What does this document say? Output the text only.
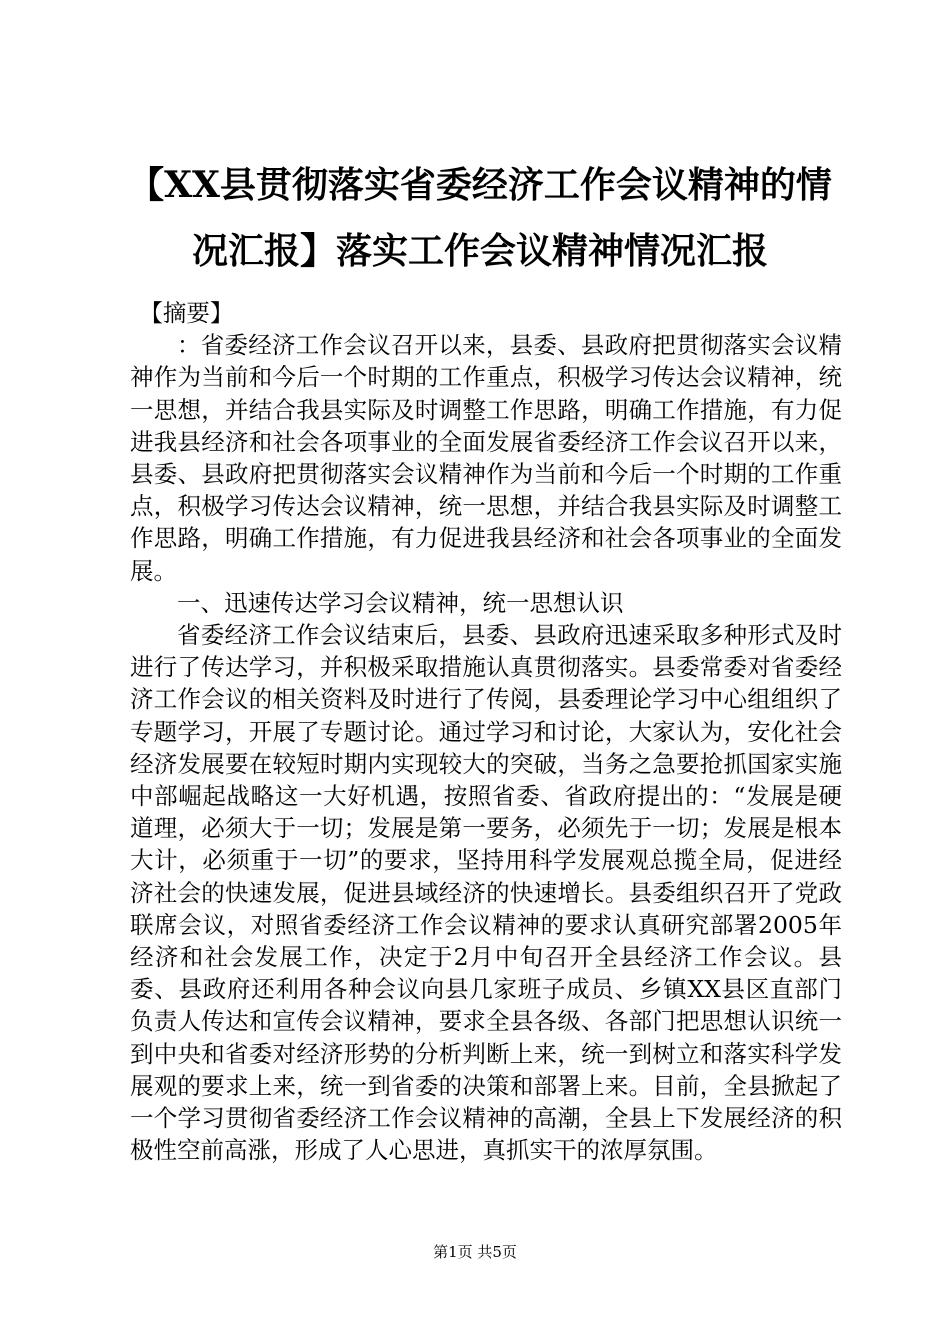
【XX县贯彻落实省委经济工作会议精神的情况汇报】落实工作会议精神情况汇报

【摘要】

：省委经济工作会议召开以来，县委、县政府把贯彻落实会议精神作为当前和今后一个时期的工作重点，积极学习传达会议精神，统一思想，并结合我县实际及时调整工作思路，明确工作措施，有力促进我县经济和社会各项事业的全面发展省委经济工作会议召开以来，县委、县政府把贯彻落实会议精神作为当前和今后一个时期的工作重点，积极学习传达会议精神，统一思想，并结合我县实际及时调整工作思路，明确工作措施，有力促进我县经济和社会各项事业的全面发展。

一、迅速传达学习会议精神，统一思想认识

省委经济工作会议结束后，县委、县政府迅速采取多种形式及时进行了传达学习，并积极采取措施认真贯彻落实。县委常委对省委经济工作会议的相关资料及时进行了传阅，县委理论学习中心组组织了专题学习，开展了专题讨论。通过学习和讨论，大家认为，安化社会经济发展要在较短时期内实现较大的突破，当务之急要抢抓国家实施中部崛起战略这一大好机遇，按照省委、省政府提出的：“发展是硬道理，必须大于一切；发展是第一要务，必须先于一切；发展是根本大计，必须重于一切”的要求，坚持用科学发展观总揽全局，促进经济社会的快速发展，促进县域经济的快速增长。县委组织召开了党政联席会议，对照省委经济工作会议精神的要求认真研究部署2005年经济和社会发展工作，决定于2月中旬召开全县经济工作会议。县委、县政府还利用各种会议向县几家班子成员、乡镇XX县区直部门负责人传达和宣传会议精神，要求全县各级、各部门把思想认识统一到中央和省委对经济形势的分析判断上来，统一到树立和落实科学发展观的要求上来，统一到省委的决策和部署上来。目前，全县掀起了一个学习贯彻省委经济工作会议精神的高潮，全县上下发展经济的积极性空前高涨，形成了人心思进，真抓实干的浓厚氛围。

第1页 共5页
